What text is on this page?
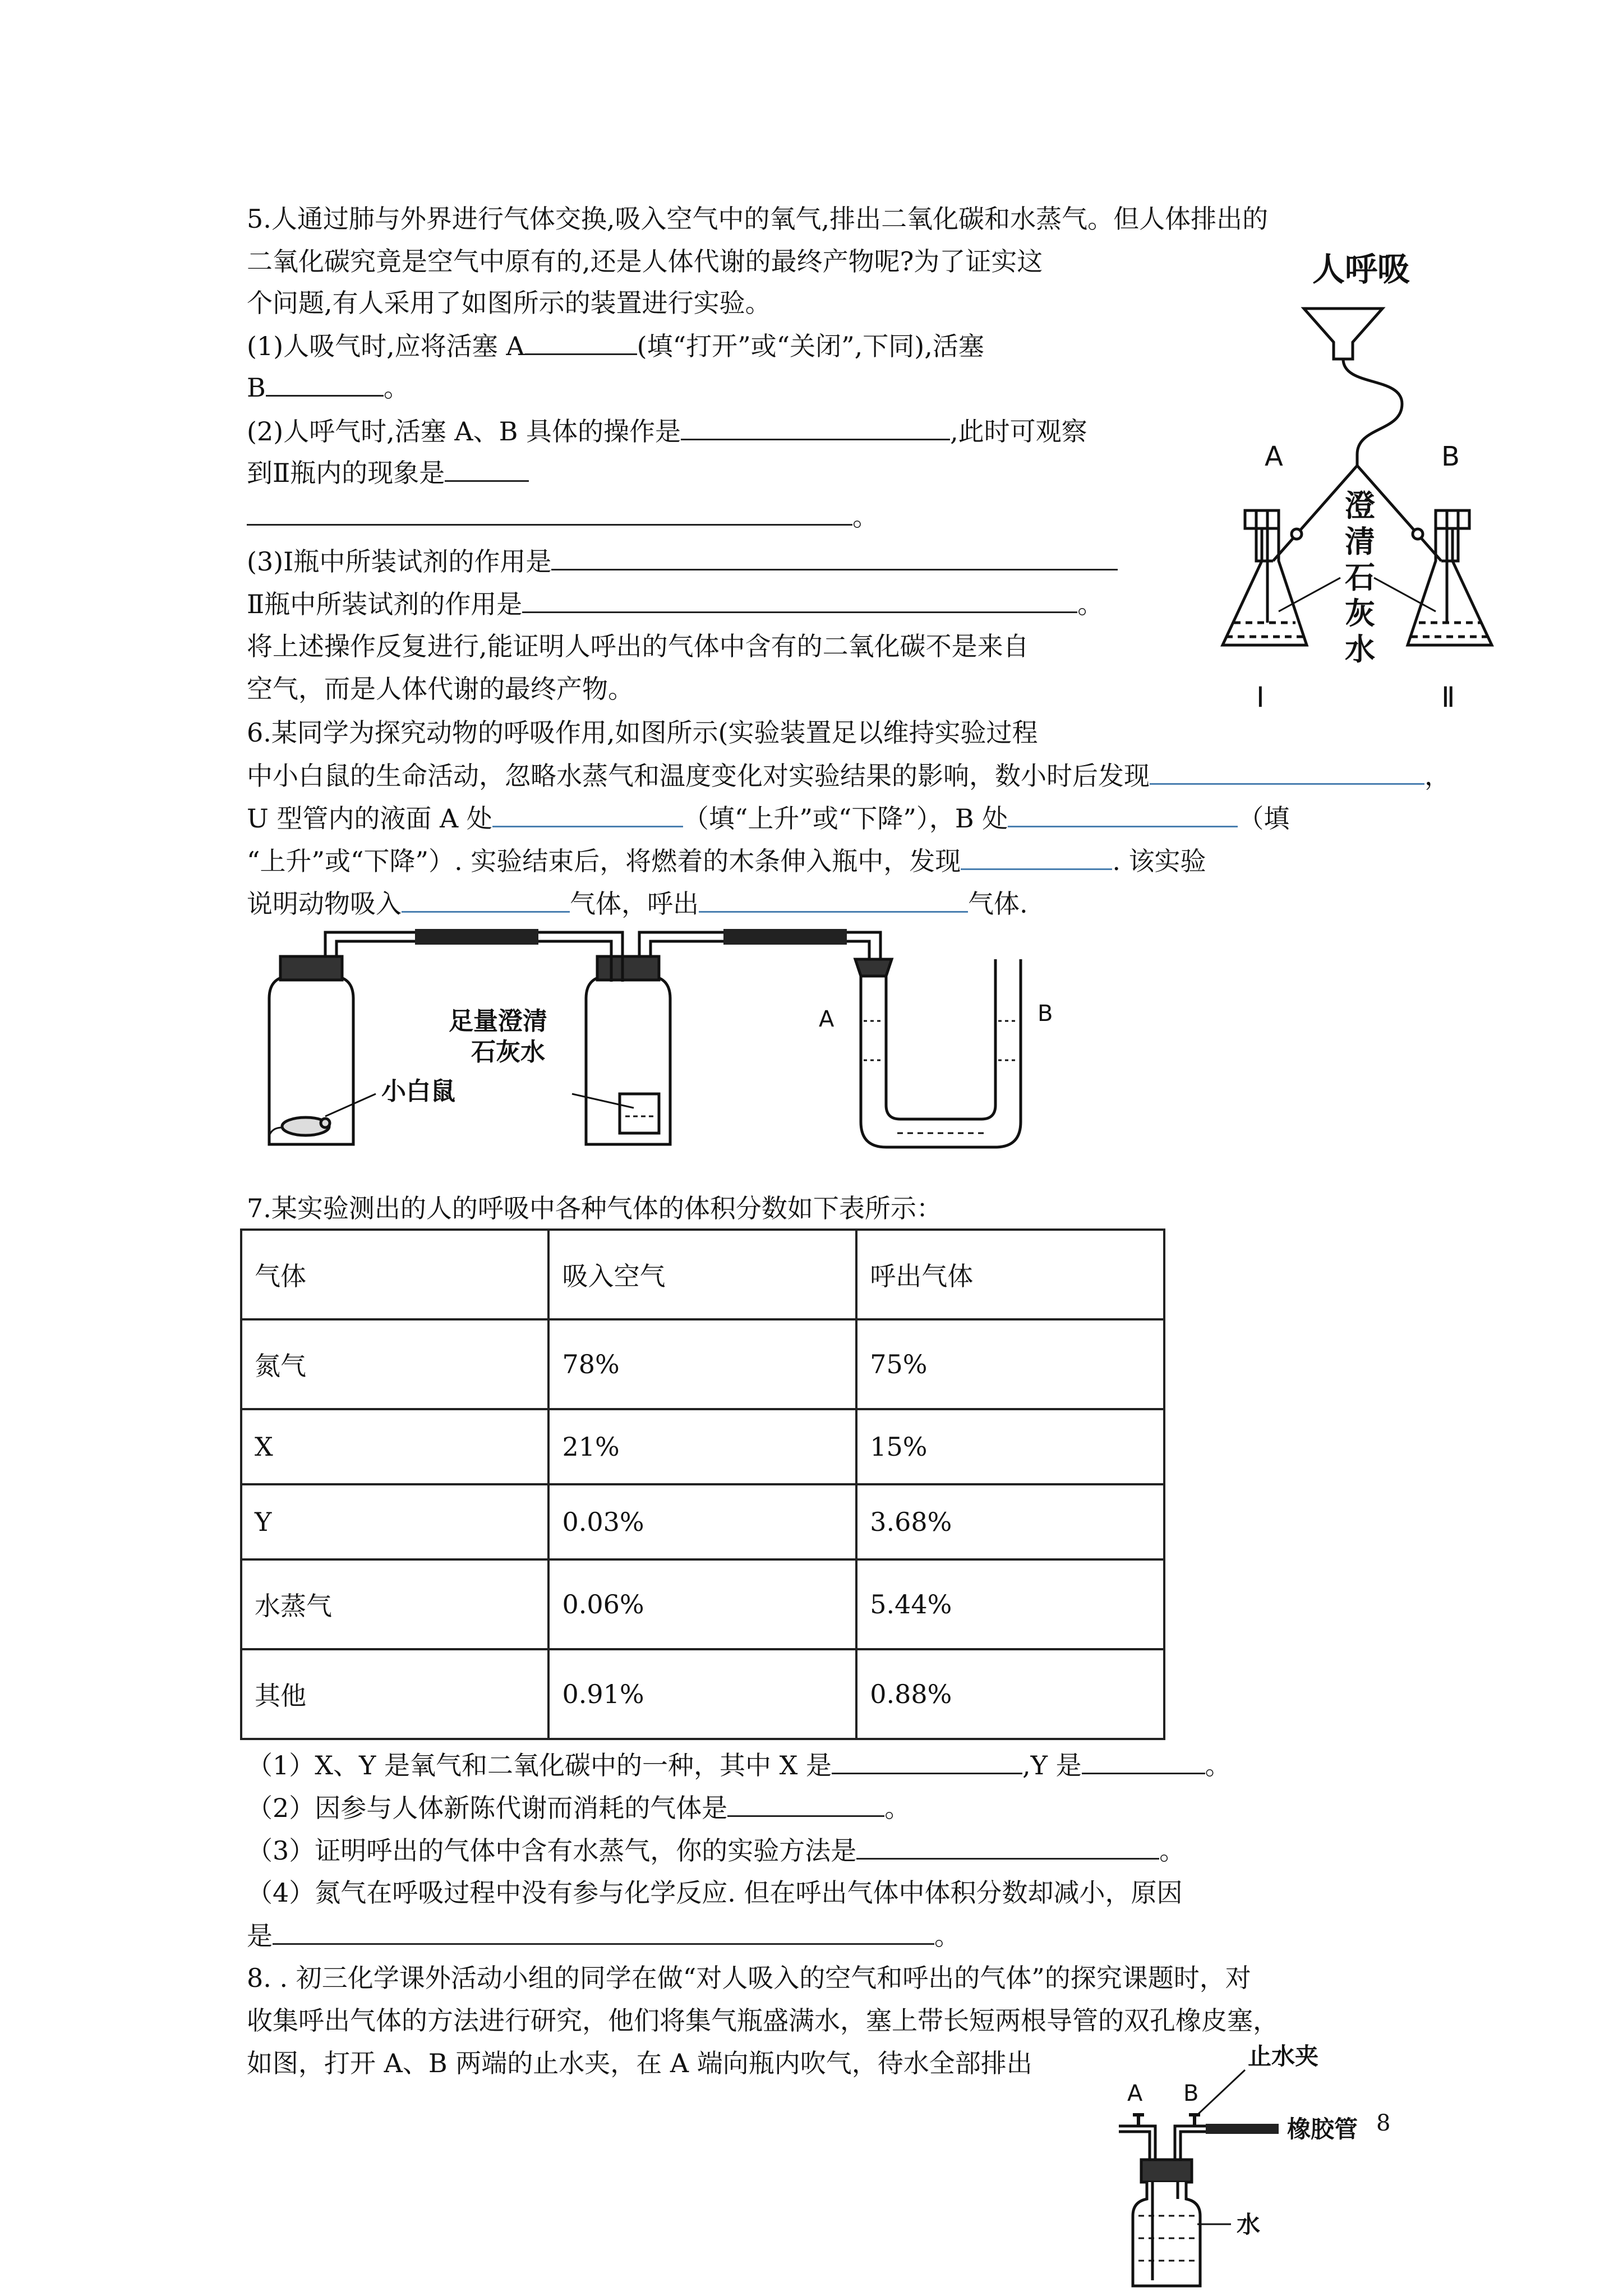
5.人通过肺与外界进行气体交换,吸入空气中的氧气,排出二氧化碳和水蒸气。但人体排出的

二氧化碳究竟是空气中原有的,还是人体代谢的最终产物呢?为了证实这

个问题,有人采用了如图所示的装置进行实验。

(1)人吸气时,应将活塞 A	(填“打开”或“关闭”,下同),活塞

B	。

(2)人呼气时,活塞 A、B 具体的操作是	,此时可观察

到Ⅱ瓶内的现象是

。

(3)Ⅰ瓶中所装试剂的作用是

Ⅱ瓶中所装试剂的作用是	。

将上述操作反复进行,能证明人呼出的气体中含有的二氧化碳不是来自

空气，而是人体代谢的最终产物。

人呼吸
A	B
澄
清
石
灰
水
Ⅰ	Ⅱ

6.某同学为探究动物的呼吸作用,如图所示(实验装置足以维持实验过程

中小白鼠的生命活动，忽略水蒸气和温度变化对实验结果的影响，数小时后发现	，

U 型管内的液面 A 处	（填“上升”或“下降”），B 处	（填

“上升”或“下降”）. 实验结束后，将燃着的木条伸入瓶中，发现	. 该实验

说明动物吸入	气体，呼出	气体.

足量澄清
石灰水
小白鼠
A	B

7.某实验测出的人的呼吸中各种气体的体积分数如下表所示：

气体	吸入空气	呼出气体
氮气	78%	75%
X	21%	15%
Y	0.03%	3.68%
水蒸气	0.06%	5.44%
其他	0.91%	0.88%

（1）X、Y 是氧气和二氧化碳中的一种，其中 X 是	,Y 是	。

（2）因参与人体新陈代谢而消耗的气体是	。

（3）证明呼出的气体中含有水蒸气，你的实验方法是	。

（4）氮气在呼吸过程中没有参与化学反应. 但在呼出气体中体积分数却减小，原因

是	。

8. . 初三化学课外活动小组的同学在做“对人吸入的空气和呼出的气体”的探究课题时，对

收集呼出气体的方法进行研究，他们将集气瓶盛满水，塞上带长短两根导管的双孔橡皮塞，

如图，打开 A、B 两端的止水夹，在 A 端向瓶内吹气，待水全部排出

A B
止水夹
橡胶管
水
8
